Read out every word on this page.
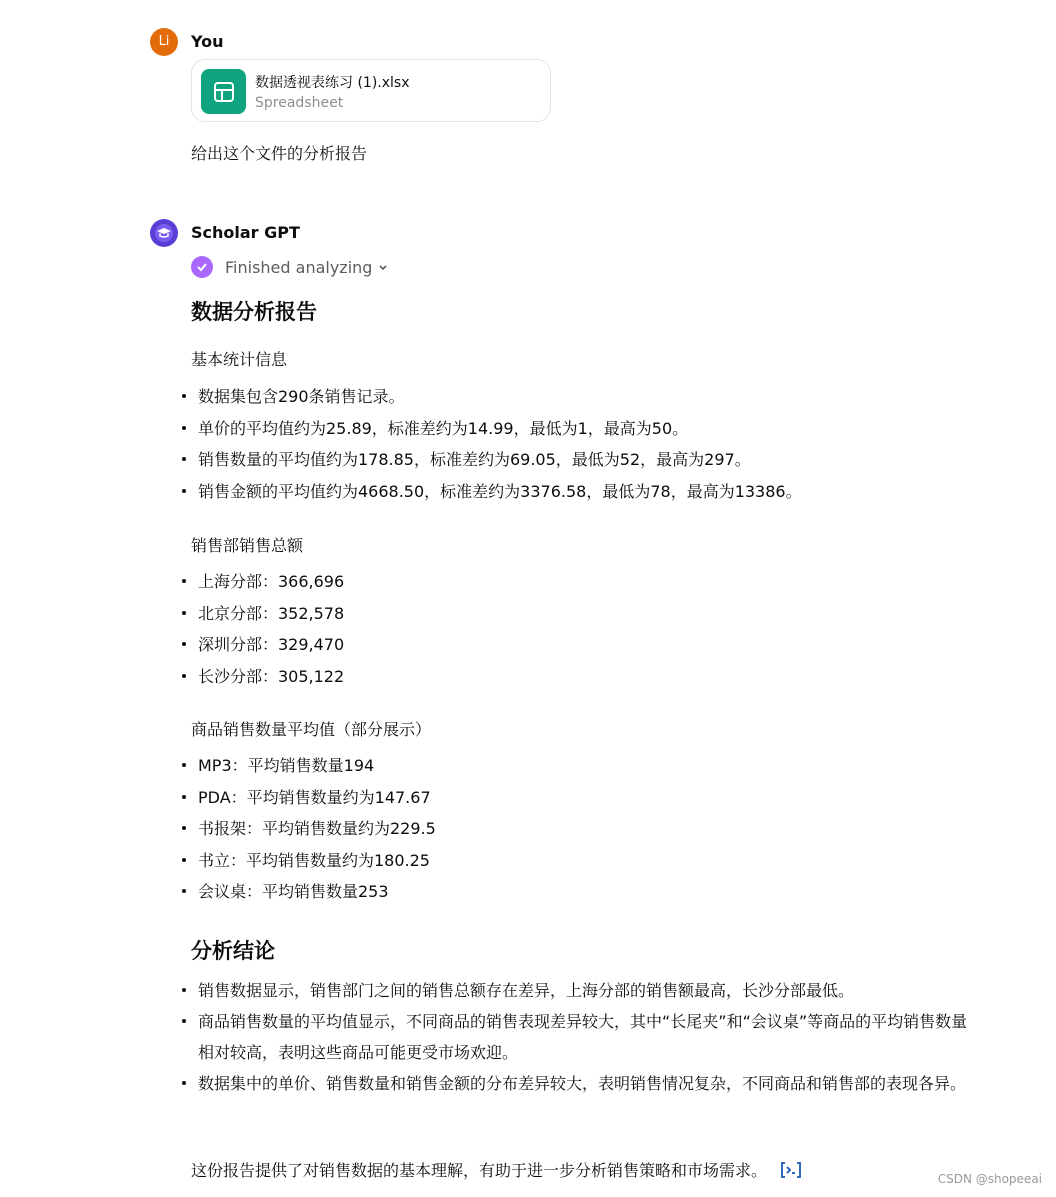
Li	You
数据透视表练习 (1).xlsx
Spreadsheet
给出这个文件的分析报告
Scholar GPT
Finished analyzing
数据分析报告
基本统计信息
数据集包含290条销售记录。
单价的平均值约为25.89，标准差约为14.99，最低为1，最高为50。
销售数量的平均值约为178.85，标准差约为69.05，最低为52，最高为297。
销售金额的平均值约为4668.50，标准差约为3376.58，最低为78，最高为13386。
销售部销售总额
上海分部：366,696
北京分部：352,578
深圳分部：329,470
长沙分部：305,122
商品销售数量平均值（部分展示）
MP3：平均销售数量194
PDA：平均销售数量约为147.67
书报架：平均销售数量约为229.5
书立：平均销售数量约为180.25
会议桌：平均销售数量253
分析结论
销售数据显示，销售部门之间的销售总额存在差异，上海分部的销售额最高，长沙分部最低。
商品销售数量的平均值显示，不同商品的销售表现差异较大，其中“长尾夹”和“会议桌”等商品的平均销售数量相对较高，表明这些商品可能更受市场欢迎。
数据集中的单价、销售数量和销售金额的分布差异较大，表明销售情况复杂，不同商品和销售部的表现各异。
这份报告提供了对销售数据的基本理解，有助于进一步分析销售策略和市场需求。	CSDN @shopeeai
